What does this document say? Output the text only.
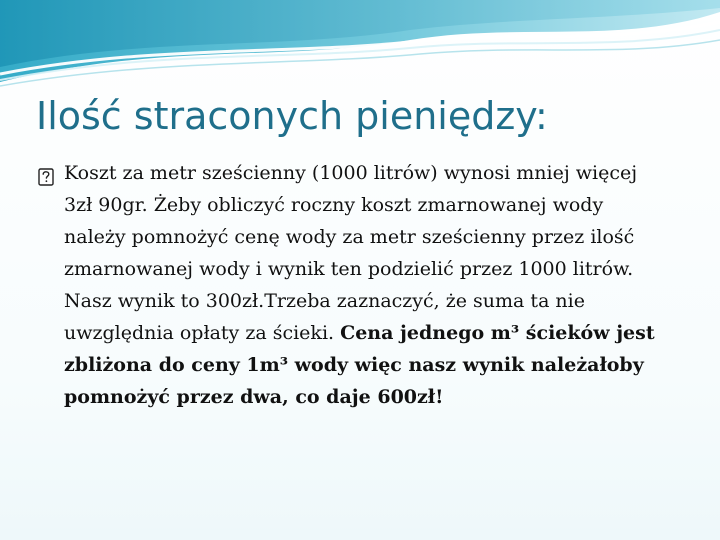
Ilość straconych pieniędzy:

Koszt za metr sześcienny (1000 litrów) wynosi mniej więcej 3zł 90gr. Żeby obliczyć roczny koszt zmarnowanej wody należy pomnożyć cenę wody za metr sześcienny przez ilość zmarnowanej wody i wynik ten podzielić przez 1000 litrów. Nasz wynik to 300zł.Trzeba zaznaczyć, że suma ta nie uwzględnia opłaty za ścieki. Cena jednego m³ ścieków jest zbliżona do ceny 1m³ wody więc nasz wynik należałoby pomnożyć przez dwa, co daje 600zł!
